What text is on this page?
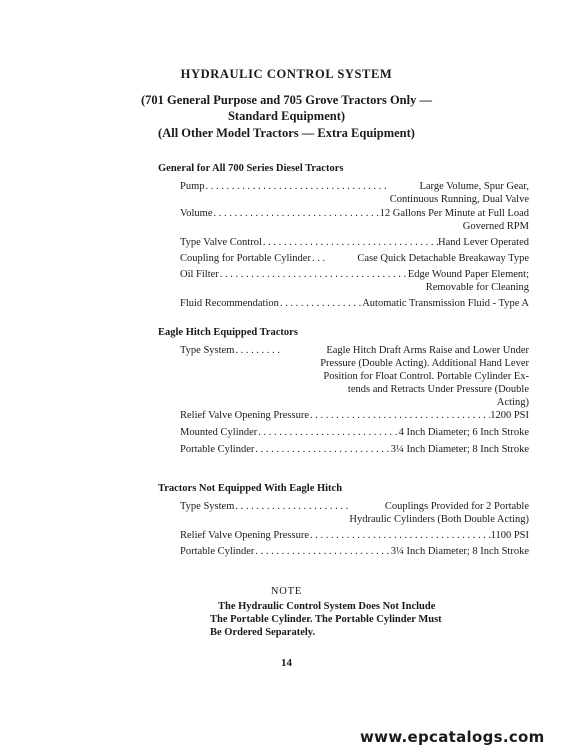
HYDRAULIC CONTROL SYSTEM
(701 General Purpose and 705 Grove Tractors Only —
Standard Equipment)
(All Other Model Tractors — Extra Equipment)
General for All 700 Series Diesel Tractors
Pump . . .	Large Volume, Spur Gear,
Continuous Running, Dual Valve
Volume . . .	12 Gallons Per Minute at Full Load
Governed RPM
Type Valve Control . . .	Hand Lever Operated
Coupling for Portable Cylinder . . .	Case Quick Detachable Breakaway Type
Oil Filter . . .	Edge Wound Paper Element;
Removable for Cleaning
Fluid Recommendation . . .	Automatic Transmission Fluid - Type A
Eagle Hitch Equipped Tractors
Type System . . .	Eagle Hitch Draft Arms Raise and Lower Under
Pressure (Double Acting). Additional Hand Lever
Position for Float Control. Portable Cylinder Ex-
tends and Retracts Under Pressure (Double
Acting)
Relief Valve Opening Pressure . . .	1200 PSI
Mounted Cylinder . . .	4 Inch Diameter; 6 Inch Stroke
Portable Cylinder . . .	3¼ Inch Diameter; 8 Inch Stroke
Tractors Not Equipped With Eagle Hitch
Type System . . .	Couplings Provided for 2 Portable
Hydraulic Cylinders (Both Double Acting)
Relief Valve Opening Pressure . . .	1100 PSI
Portable Cylinder . . .	3¼ Inch Diameter; 8 Inch Stroke
NOTE
The Hydraulic Control System Does Not Include
The Portable Cylinder. The Portable Cylinder Must
Be Ordered Separately.
14
www.epcatalogs.com
